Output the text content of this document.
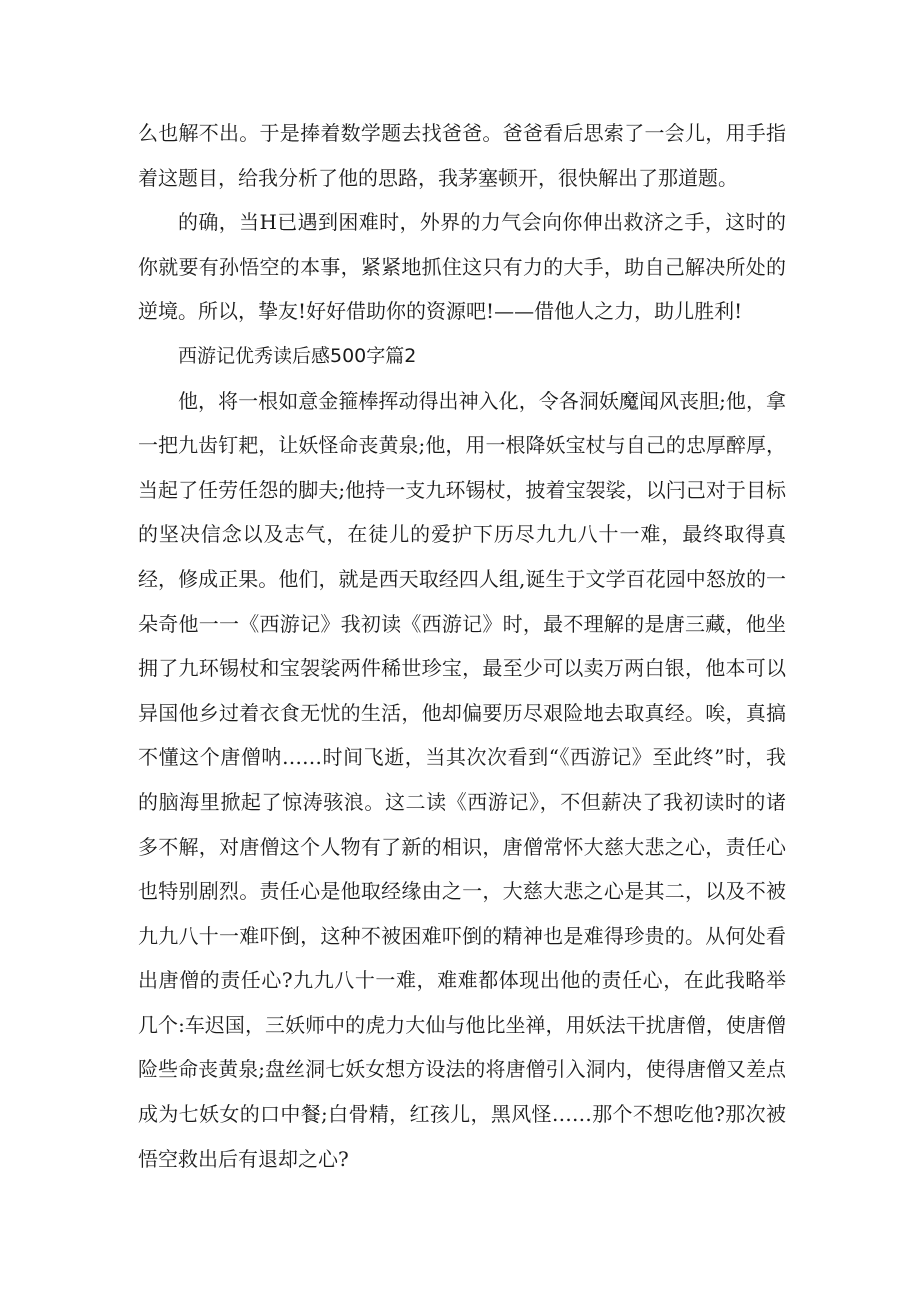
么也解不出。于是捧着数学题去找爸爸。爸爸看后思索了一会儿，用手指着这题目，给我分析了他的思路，我茅塞顿开，很快解出了那道题。

的确，当H已遇到困难时，外界的力气会向你伸出救济之手，这时的你就要有孙悟空的本事，紧紧地抓住这只有力的大手，助自己解决所处的逆境。所以，挚友!好好借助你的资源吧!——借他人之力，助儿胜利!

西游记优秀读后感500字篇2

他，将一根如意金箍棒挥动得出神入化，令各洞妖魔闻风丧胆;他，拿一把九齿钉耙，让妖怪命丧黄泉;他，用一根降妖宝杖与自己的忠厚醉厚，当起了任劳任怨的脚夫;他持一支九环锡杖，披着宝袈裟，以闩己对于目标的坚决信念以及志气，在徒儿的爱护下历尽九九八十一难，最终取得真经，修成正果。他们，就是西天取经四人组,诞生于文学百花园中怒放的一朵奇他一一《西游记》我初读《西游记》时，最不理解的是唐三藏，他坐拥了九环锡杖和宝袈裟两件稀世珍宝，最至少可以卖万两白银，他本可以异国他乡过着衣食无忧的生活，他却偏要历尽艰险地去取真经。唉，真搞不懂这个唐僧呐……时间飞逝，当其次次看到“《西游记》至此终”时，我的脑海里掀起了惊涛骇浪。这二读《西游记》，不但薪决了我初读时的诸多不解，对唐僧这个人物有了新的相识，唐僧常怀大慈大悲之心，责任心也特别剧烈。责任心是他取经缘由之一，大慈大悲之心是其二，以及不被九九八十一难吓倒，这种不被困难吓倒的精神也是难得珍贵的。从何处看出唐僧的责任心?九九八十一难，难难都体现出他的责任心，在此我略举几个:车迟国，三妖师中的虎力大仙与他比坐禅，用妖法干扰唐僧，使唐僧险些命丧黄泉;盘丝洞七妖女想方设法的将唐僧引入洞内，使得唐僧又差点成为七妖女的口中餐;白骨精，红孩儿，黑风怪……那个不想吃他?那次被悟空救出后有退却之心?
